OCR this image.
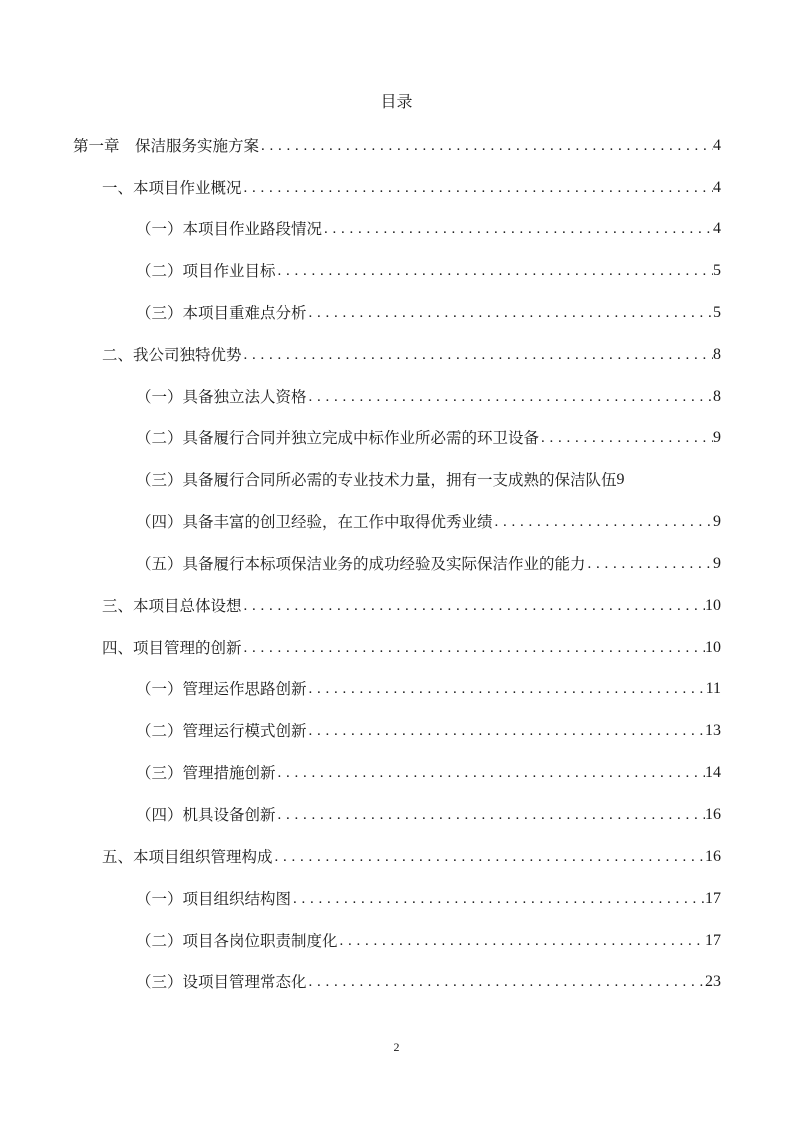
目录
第一章　保洁服务实施方案 . . .	4
一、本项目作业概况 . . .	4
（一）本项目作业路段情况 . . .	4
（二）项目作业目标 . . .	5
（三）本项目重难点分析 . . .	5
二、我公司独特优势 . . .	8
（一）具备独立法人资格 . . .	8
（二）具备履行合同并独立完成中标作业所必需的环卫设备 . . .	9
（三）具备履行合同所必需的专业技术力量，拥有一支成熟的保洁队伍 9
（四）具备丰富的创卫经验，在工作中取得优秀业绩 . . .	9
（五）具备履行本标项保洁业务的成功经验及实际保洁作业的能力 . . .	9
三、本项目总体设想 . . .	10
四、项目管理的创新 . . .	10
（一）管理运作思路创新 . . .	11
（二）管理运行模式创新 . . .	13
（三）管理措施创新 . . .	14
（四）机具设备创新 . . .	16
五、本项目组织管理构成 . . .	16
（一）项目组织结构图 . . .	17
（二）项目各岗位职责制度化 . . .	17
（三）设项目管理常态化 . . .	23
2
